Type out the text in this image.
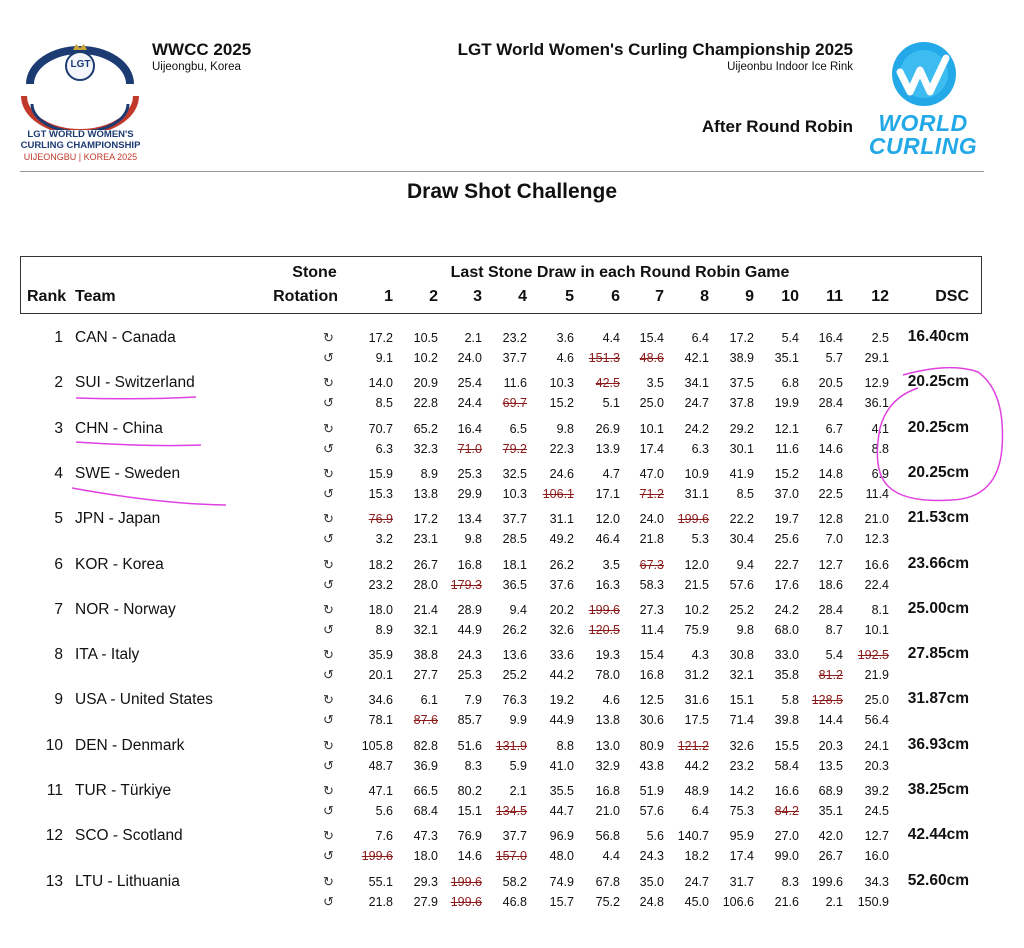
LGT
LGT WORLD WOMEN'S
CURLING CHAMPIONSHIP
UIJEONGBU | KOREA 2025
WWCC 2025
Uijeongbu, Korea
LGT World Women's Curling Championship 2025
Uijeonbu Indoor Ice Rink
After Round Robin	WORLD
CURLING
Draw Shot Challenge
Rank Team
Stone
Rotation
Last Stone Draw in each Round Robin Game
1	2	3	4	5	6	7	8	9	10	11	12	DSC
1 CAN - Canada	↻
↺
17.2	10.5	2.1	23.2	3.6	4.4	15.4	6.4	17.2	5.4	16.4	2.5
9.1	10.2	24.0	37.7	4.6	151.3	48.6	42.1	38.9	35.1	5.7	29.1
16.40cm
2 SUI - Switzerland	↻
↺
14.0	20.9	25.4	11.6	10.3	42.5	3.5	34.1	37.5	6.8	20.5	12.9
8.5	22.8	24.4	69.7	15.2	5.1	25.0	24.7	37.8	19.9	28.4	36.1
20.25cm
3 CHN - China	↻
↺
70.7	65.2	16.4	6.5	9.8	26.9	10.1	24.2	29.2	12.1	6.7	4.1
6.3	32.3	71.0	79.2	22.3	13.9	17.4	6.3	30.1	11.6	14.6	8.8
20.25cm
4 SWE - Sweden	↻
↺
15.9	8.9	25.3	32.5	24.6	4.7	47.0	10.9	41.9	15.2	14.8	6.9
15.3	13.8	29.9	10.3	106.1	17.1	71.2	31.1	8.5	37.0	22.5	11.4
20.25cm
5 JPN - Japan	↻
↺
76.9	17.2	13.4	37.7	31.1	12.0	24.0	199.6	22.2	19.7	12.8	21.0
3.2	23.1	9.8	28.5	49.2	46.4	21.8	5.3	30.4	25.6	7.0	12.3
21.53cm
6 KOR - Korea	↻
↺
18.2	26.7	16.8	18.1	26.2	3.5	67.3	12.0	9.4	22.7	12.7	16.6
23.2	28.0	179.3	36.5	37.6	16.3	58.3	21.5	57.6	17.6	18.6	22.4
23.66cm
7 NOR - Norway	↻
↺
18.0	21.4	28.9	9.4	20.2	199.6	27.3	10.2	25.2	24.2	28.4	8.1
8.9	32.1	44.9	26.2	32.6	120.5	11.4	75.9	9.8	68.0	8.7	10.1
25.00cm
8 ITA - Italy	↻
↺
35.9	38.8	24.3	13.6	33.6	19.3	15.4	4.3	30.8	33.0	5.4	192.5
20.1	27.7	25.3	25.2	44.2	78.0	16.8	31.2	32.1	35.8	81.2	21.9
27.85cm
9 USA - United States	↻
↺
34.6	6.1	7.9	76.3	19.2	4.6	12.5	31.6	15.1	5.8	128.5	25.0
78.1	87.6	85.7	9.9	44.9	13.8	30.6	17.5	71.4	39.8	14.4	56.4
31.87cm
10 DEN - Denmark	↻
↺
105.8	82.8	51.6	131.9	8.8	13.0	80.9	121.2	32.6	15.5	20.3	24.1
48.7	36.9	8.3	5.9	41.0	32.9	43.8	44.2	23.2	58.4	13.5	20.3
36.93cm
11 TUR - Türkiye	↻
↺
47.1	66.5	80.2	2.1	35.5	16.8	51.9	48.9	14.2	16.6	68.9	39.2
5.6	68.4	15.1	134.5	44.7	21.0	57.6	6.4	75.3	84.2	35.1	24.5
38.25cm
12 SCO - Scotland	↻
↺
7.6	47.3	76.9	37.7	96.9	56.8	5.6	140.7	95.9	27.0	42.0	12.7
199.6	18.0	14.6	157.0	48.0	4.4	24.3	18.2	17.4	99.0	26.7	16.0
42.44cm
13 LTU - Lithuania	↻
↺
55.1	29.3	199.6	58.2	74.9	67.8	35.0	24.7	31.7	8.3	199.6	34.3
21.8	27.9	199.6	46.8	15.7	75.2	24.8	45.0	106.6	21.6	2.1	150.9
52.60cm
